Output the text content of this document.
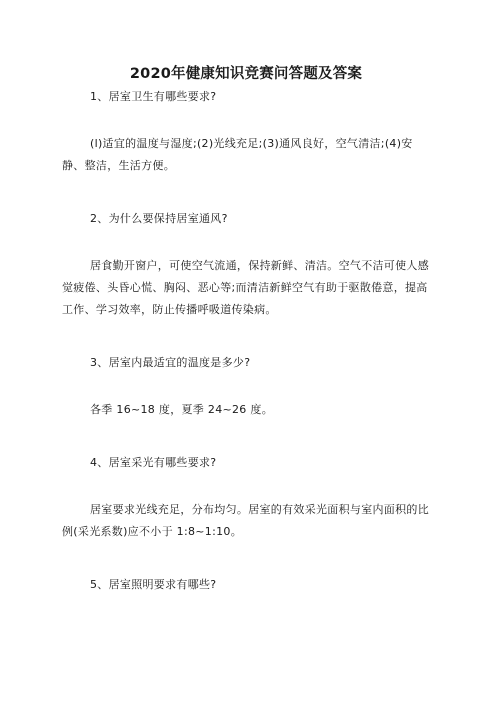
2020年健康知识竞赛问答题及答案

1、居室卫生有哪些要求?

(l)适宜的温度与湿度;(2)光线充足;(3)通风良好，空气清洁;(4)安静、整洁，生活方便。

2、为什么要保持居室通风?

居食勤开窗户，可使空气流通，保持新鲜、清洁。空气不洁可使人感觉疲倦、头昏心慌、胸闷、恶心等;而清洁新鲜空气有助于驱散倦意，提高工作、学习效率，防止传播呼吸道传染病。

3、居室内最适宜的温度是多少?

各季 16~18 度，夏季 24~26 度。

4、居室采光有哪些要求?

居室要求光线充足，分布均匀。居室的有效采光面积与室内面积的比例(采光系数)应不小于 1:8~1:10。

5、居室照明要求有哪些?
